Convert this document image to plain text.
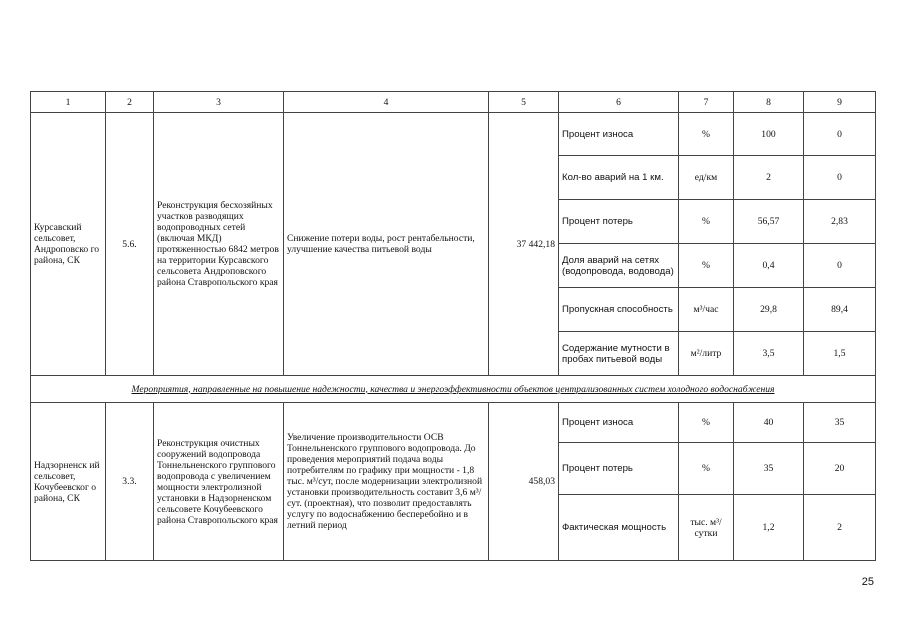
1	2	3	4	5	6	7	8	9
Курсавский сельсовет, Андроповско го района, СК	5.6.	Реконструкция бесхозяйных участков разводящих водопроводных сетей (включая МКД) протяженностью 6842 метров на территории Курсавского сельсовета Андроповского района Ставропольского края	Снижение потери воды, рост рентабельности, улучшение качества питьевой воды	37 442,18	Процент износа	%	100	0
					Кол-во аварий на 1 км.	ед/км	2	0
					Процент потерь	%	56,57	2,83
					Доля аварий на сетях (водопровода, водовода)	%	0,4	0
					Пропускная способность	м³/час	29,8	89,4
					Содержание мутности в пробах питьевой воды	м²/литр	3,5	1,5
Мероприятия, направленные на повышение надежности, качества и энергоэффективности объектов централизованных систем холодного водоснабжения								
Надзорненск ий сельсовет, Кочубеевског о района, СК	3.3.	Реконструкция очистных сооружений водопровода Тоннельненского группового водопровода с увеличением мощности электролизной установки в Надзорненском сельсовете Кочубеевского района Ставропольского края	Увеличение производительности ОСВ Тоннельненского группового водопровода. До проведения мероприятий подача воды потребителям по графику при мощности - 1,8 тыс. м³/сут, после модернизации электролизной установки производительность составит 3,6 м³/сут. (проектная), что позволит предоставлять услугу по водоснабжению бесперебойно и в летний период	458,03	Процент износа	%	40	35
					Процент потерь	%	35	20
					Фактическая мощность	тыс. м³/сутки	1,2	2
25
